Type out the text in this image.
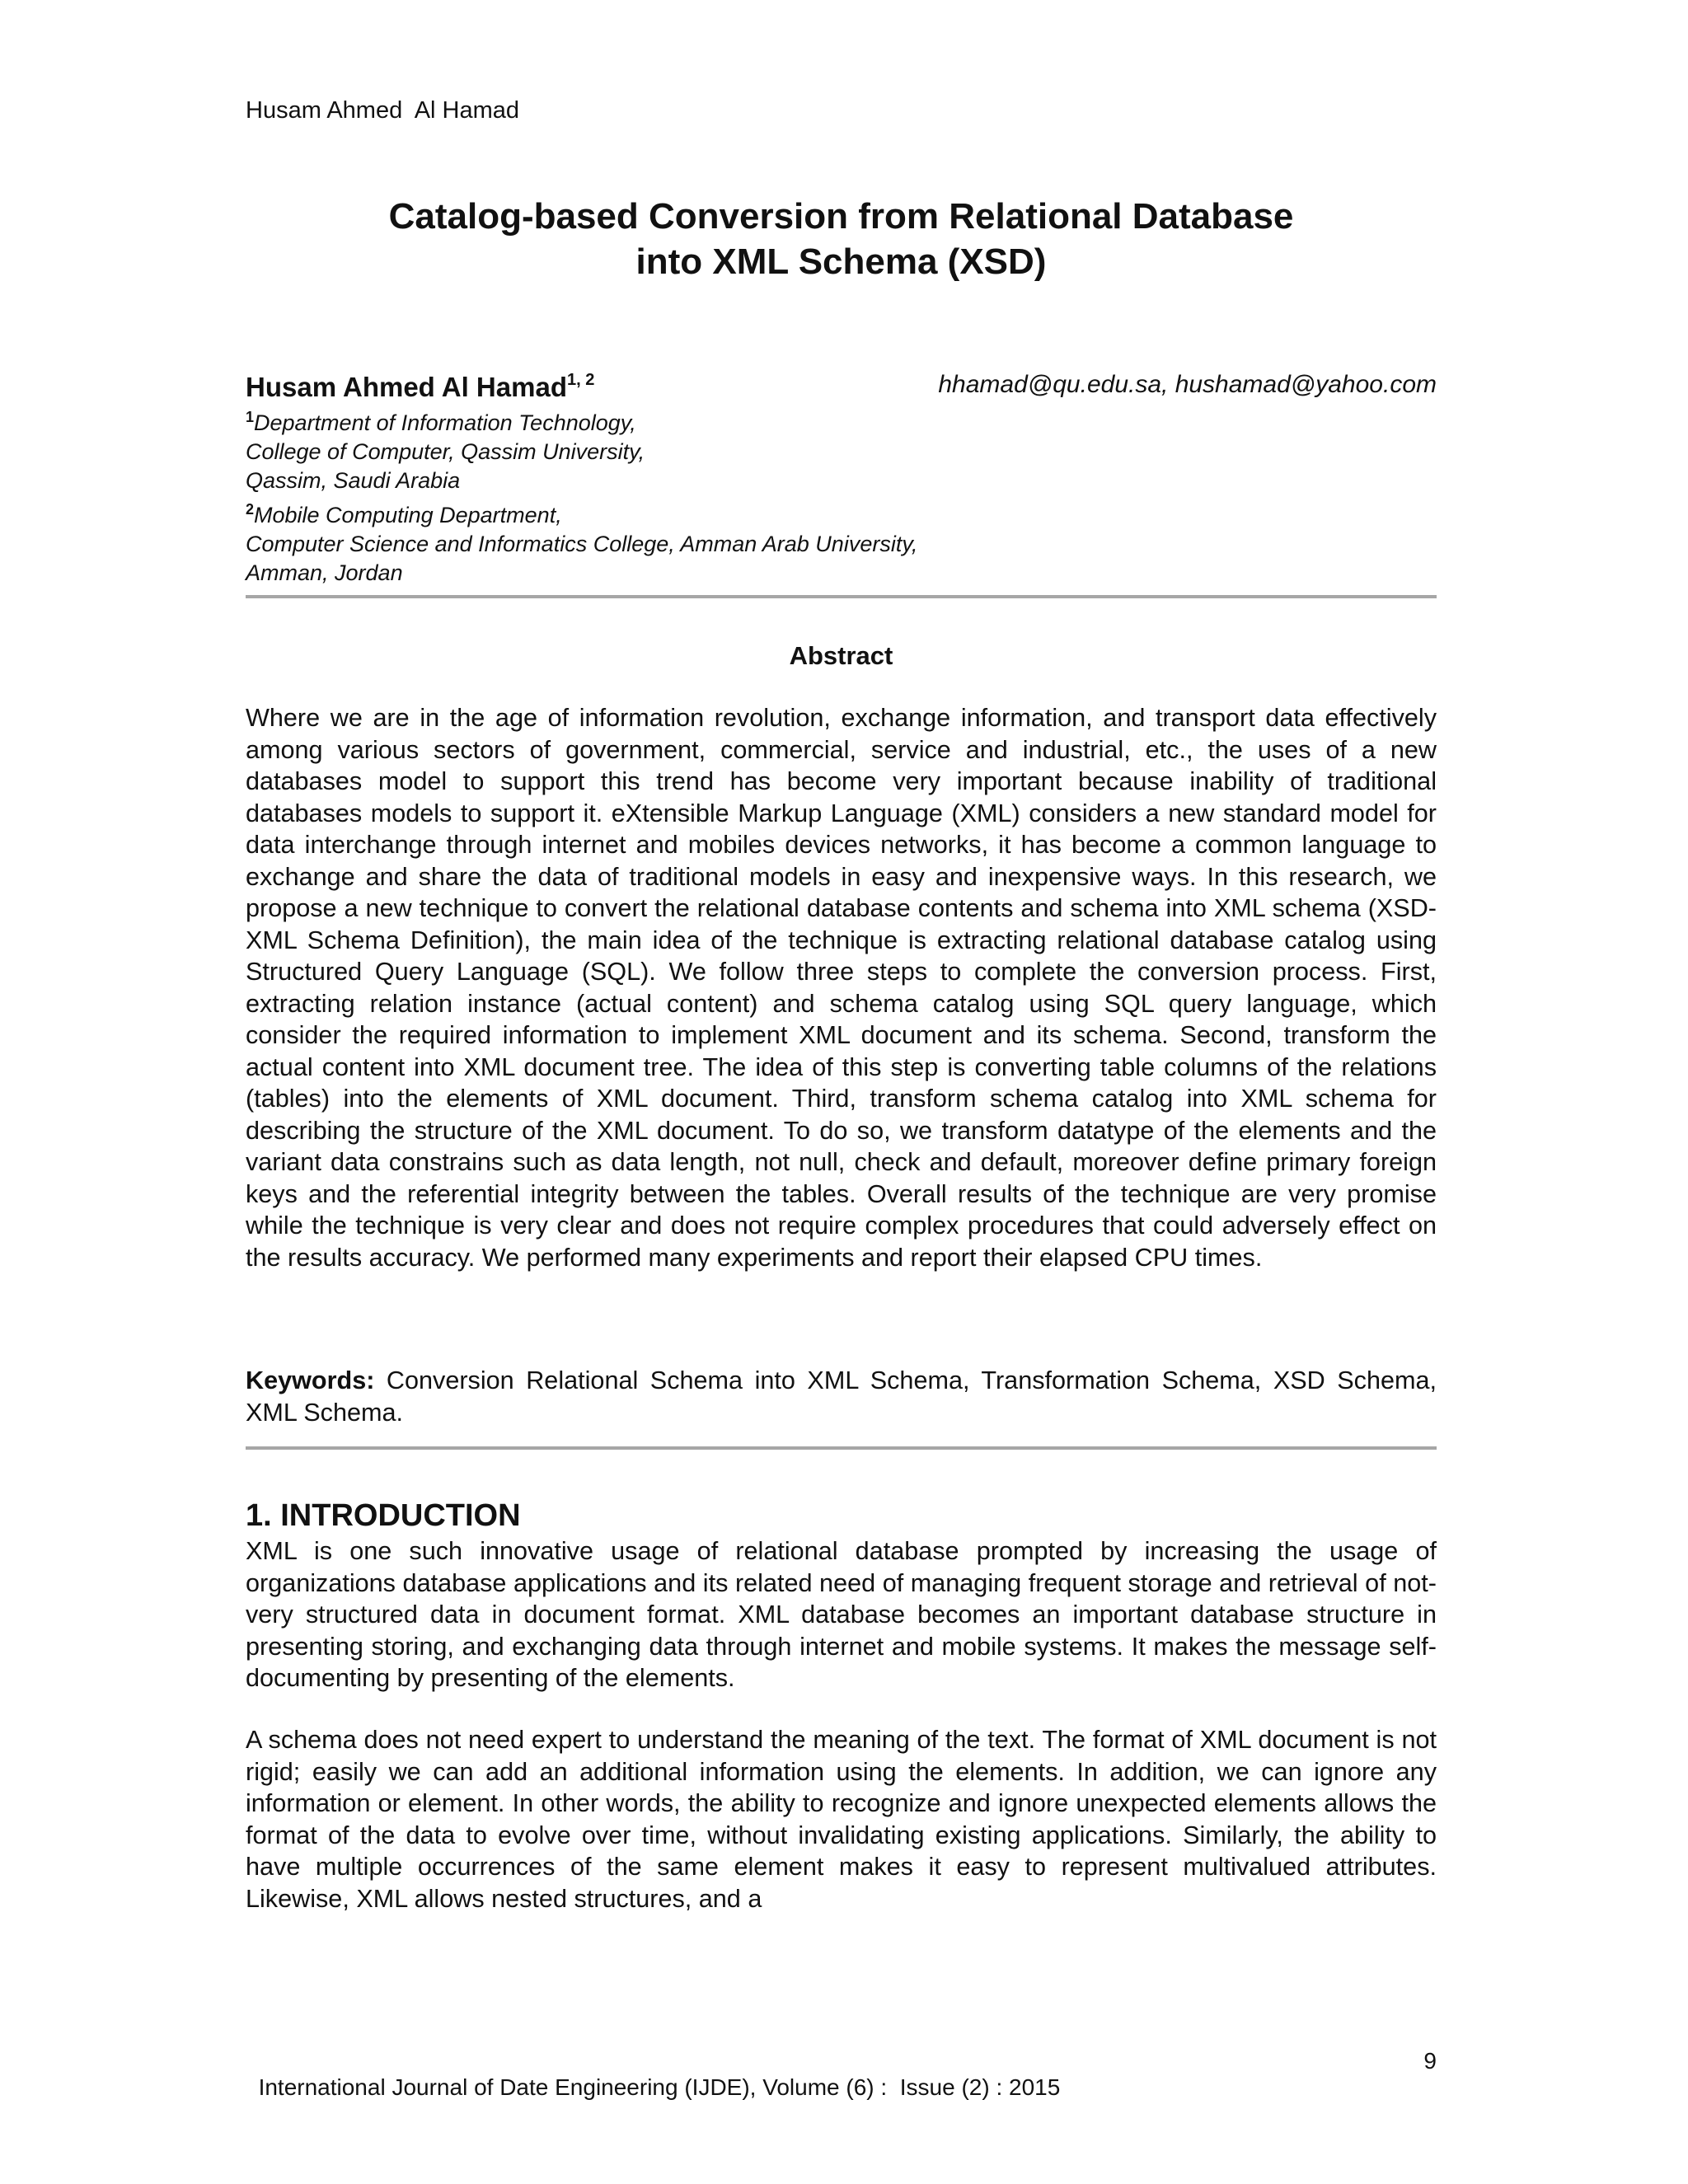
Husam Ahmed  Al Hamad
Catalog-based Conversion from Relational Database
into XML Schema (XSD)
Husam Ahmed Al Hamad$^{1, 2}$	hhamad@qu.edu.sa, hushamad@yahoo.com
$^1$Department of Information Technology,
College of Computer, Qassim University,
Qassim, Saudi Arabia
$^2$Mobile Computing Department,
Computer Science and Informatics College, Amman Arab University,
Amman, Jordan
Abstract
Where we are in the age of information revolution, exchange information, and transport data effectively among various sectors of government, commercial, service and industrial, etc., the uses of a new databases model to support this trend has become very important because inability of traditional databases models to support it. eXtensible Markup Language (XML) considers a new standard model for data interchange through internet and mobiles devices networks, it has become a common language to exchange and share the data of traditional models in easy and inexpensive ways. In this research, we propose a new technique to convert the relational database contents and schema into XML schema (XSD- XML Schema Definition), the main idea of the technique is extracting relational database catalog using Structured Query Language (SQL). We follow three steps to complete the conversion process. First, extracting relation instance (actual content) and schema catalog using SQL query language, which consider the required information to implement XML document and its schema. Second, transform the actual content into XML document tree. The idea of this step is converting table columns of the relations (tables) into the elements of XML document. Third, transform schema catalog into XML schema for describing the structure of the XML document. To do so, we transform datatype of the elements and the variant data constrains such as data length, not null, check and default, moreover define primary foreign keys and the referential integrity between the tables. Overall results of the technique are very promise while the technique is very clear and does not require complex procedures that could adversely effect on the results accuracy. We performed many experiments and report their elapsed CPU times.
Keywords: Conversion Relational Schema into XML Schema, Transformation Schema, XSD Schema, XML Schema.
1. INTRODUCTION
XML is one such innovative usage of relational database prompted by increasing the usage of organizations database applications and its related need of managing frequent storage and retrieval of not-very structured data in document format. XML database becomes an important database structure in presenting storing, and exchanging data through internet and mobile systems. It makes the message self-documenting by presenting of the elements.
A schema does not need expert to understand the meaning of the text. The format of XML document is not rigid; easily we can add an additional information using the elements. In addition, we can ignore any information or element. In other words, the ability to recognize and ignore unexpected elements allows the format of the data to evolve over time, without invalidating existing applications. Similarly, the ability to have multiple occurrences of the same element makes it easy to represent multivalued attributes. Likewise, XML allows nested structures, and a

International Journal of Date Engineering (IJDE), Volume (6) :  Issue (2) : 2015

9
